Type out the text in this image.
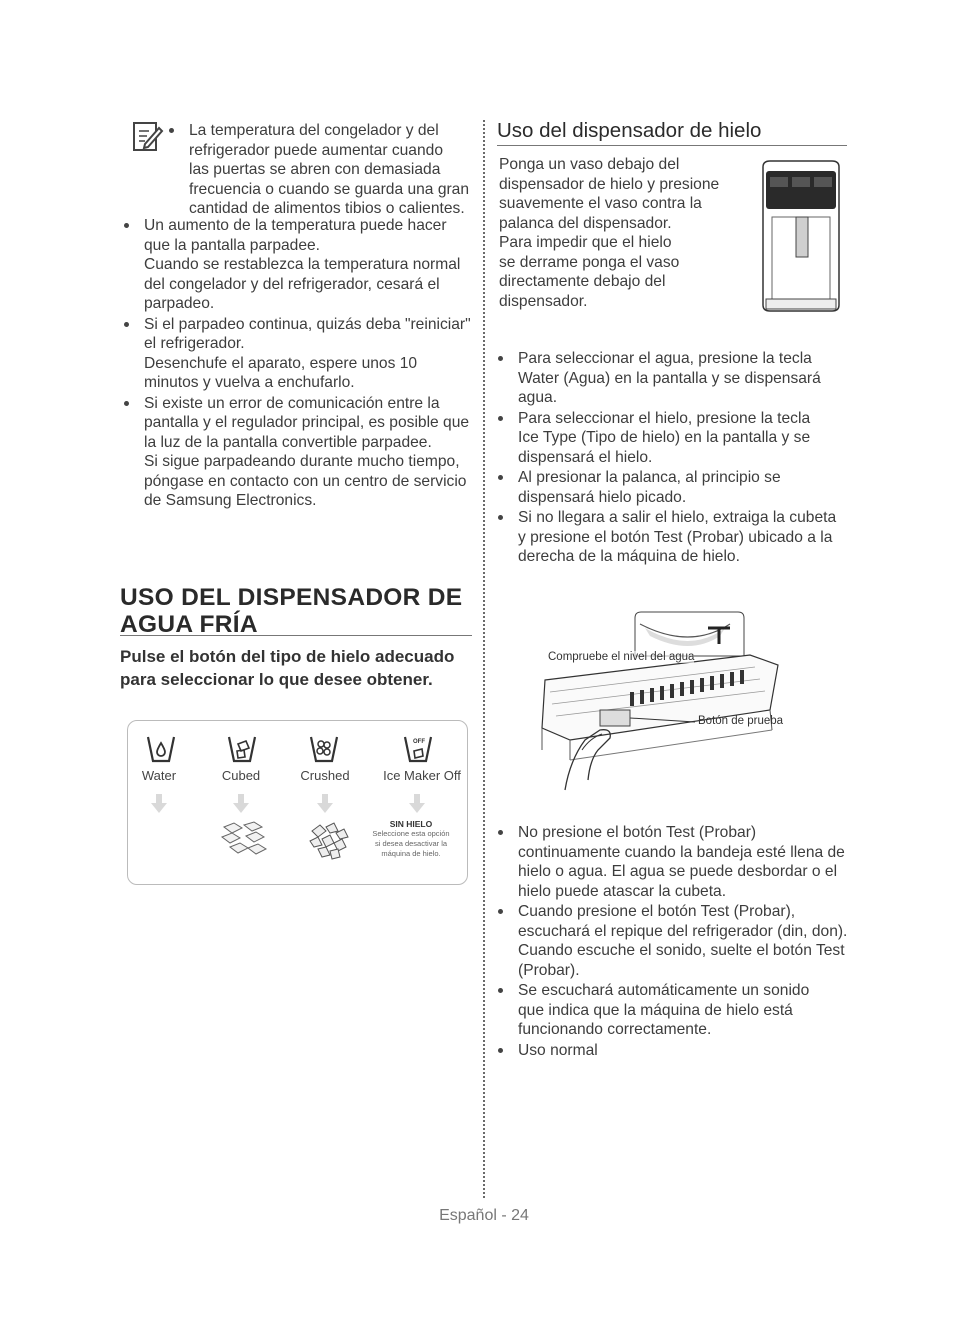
La temperatura del congelador y del
refrigerador puede aumentar cuando
las puertas se abren con demasiada
frecuencia o cuando se guarda una gran
cantidad de alimentos tibios o calientes.
Un aumento de la temperatura puede hacer
que la pantalla parpadee.
Cuando se restablezca la temperatura normal
del congelador y del refrigerador, cesará el
parpadeo.
Si el parpadeo continua, quizás deba "reiniciar"
el refrigerador.
Desenchufe el aparato, espere unos 10
minutos y vuelva a enchufarlo.
Si existe un error de comunicación entre la
pantalla y el regulador principal, es posible que
la luz de la pantalla convertible parpadee.
Si sigue parpadeando durante mucho tiempo,
póngase en contacto con un centro de servicio
de Samsung Electronics.
USO DEL DISPENSADOR DE
AGUA FRÍA
Pulse el botón del tipo de hielo adecuado
para seleccionar lo que desee obtener.
OFF
Water	Cubed	Crushed	Ice Maker Off
SIN HIELO
Seleccione esta opción
si desea desactivar la
máquina de hielo.
Uso del dispensador de hielo
Ponga un vaso debajo del
dispensador de hielo y presione
suavemente el vaso contra la
palanca del dispensador.
Para impedir que el hielo
se derrame ponga el vaso
directamente debajo del
dispensador.
Para seleccionar el agua, presione la tecla
Water (Agua) en la pantalla y se dispensará
agua.
Para seleccionar el hielo, presione la tecla
Ice Type (Tipo de hielo) en la pantalla y se
dispensará el hielo.
Al presionar la palanca, al principio se
dispensará hielo picado.
Si no llegara a salir el hielo, extraiga la cubeta
y presione el botón Test (Probar) ubicado a la
derecha de la máquina de hielo.
Compruebe el nivel del agua
Botón de prueba
No presione el botón Test (Probar)
continuamente cuando la bandeja esté llena de
hielo o agua. El agua se puede desbordar o el
hielo puede atascar la cubeta.
Cuando presione el botón Test (Probar),
escuchará el repique del refrigerador (din, don).
Cuando escuche el sonido, suelte el botón Test
(Probar).
Se escuchará automáticamente un sonido
que indica que la máquina de hielo está
funcionando correctamente.
Uso normal
Español - 24
